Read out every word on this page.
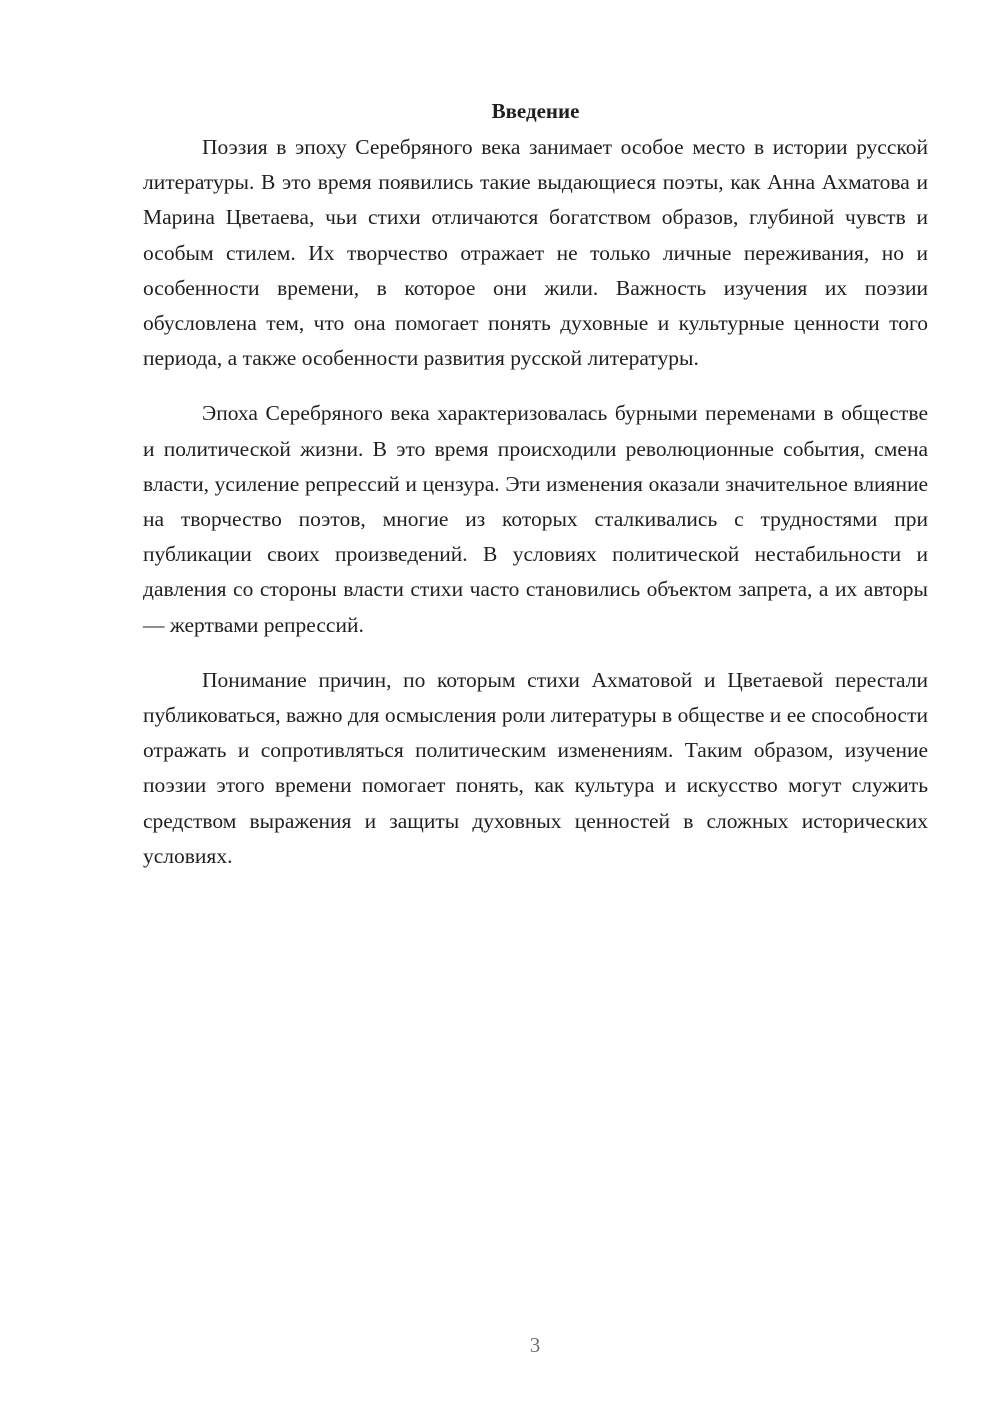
Введение

Поэзия в эпоху Серебряного века занимает особое место в истории русской литературы. В это время появились такие выдающиеся поэты, как Анна Ахматова и Марина Цветаева, чьи стихи отличаются богатством образов, глубиной чувств и особым стилем. Их творчество отражает не только личные переживания, но и особенности времени, в которое они жили. Важность изучения их поэзии обусловлена тем, что она помогает понять духовные и культурные ценности того периода, а также особенности развития русской литературы.

Эпоха Серебряного века характеризовалась бурными переменами в обществе и политической жизни. В это время происходили революционные события, смена власти, усиление репрессий и цензура. Эти изменения оказали значительное влияние на творчество поэтов, многие из которых сталкивались с трудностями при публикации своих произведений. В условиях политической нестабильности и давления со стороны власти стихи часто становились объектом запрета, а их авторы — жертвами репрессий.

Понимание причин, по которым стихи Ахматовой и Цветаевой перестали публиковаться, важно для осмысления роли литературы в обществе и ее способности отражать и сопротивляться политическим изменениям. Таким образом, изучение поэзии этого времени помогает понять, как культура и искусство могут служить средством выражения и защиты духовных ценностей в сложных исторических условиях.

3
